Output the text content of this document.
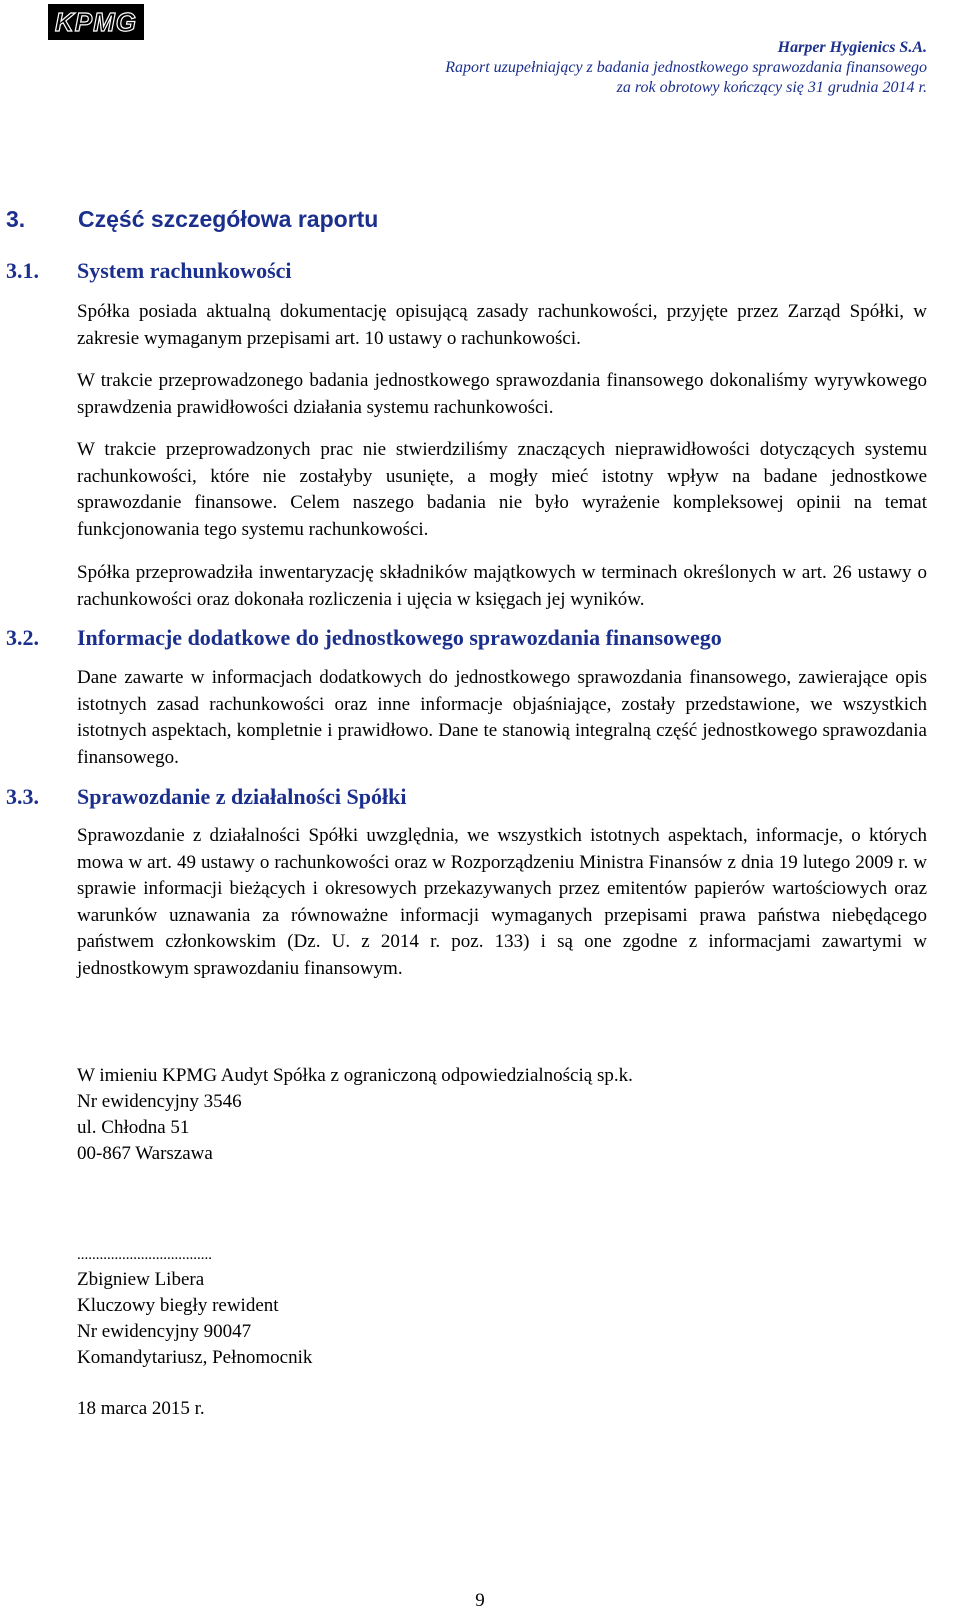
KPMG
Harper Hygienics S.A.
Raport uzupełniający z badania jednostkowego sprawozdania finansowego
za rok obrotowy kończący się 31 grudnia 2014 r.
3. Część szczegółowa raportu
3.1. System rachunkowości

Spółka posiada aktualną dokumentację opisującą zasady rachunkowości, przyjęte przez Zarząd Spółki, w zakresie wymaganym przepisami art. 10 ustawy o rachunkowości.

W trakcie przeprowadzonego badania jednostkowego sprawozdania finansowego dokonaliśmy wyrywkowego sprawdzenia prawidłowości działania systemu rachunkowości.

W trakcie przeprowadzonych prac nie stwierdziliśmy znaczących nieprawidłowości dotyczących systemu rachunkowości, które nie zostałyby usunięte, a mogły mieć istotny wpływ na badane jednostkowe sprawozdanie finansowe. Celem naszego badania nie było wyrażenie kompleksowej opinii na temat funkcjonowania tego systemu rachunkowości.

Spółka przeprowadziła inwentaryzację składników majątkowych w terminach określonych w art. 26 ustawy o rachunkowości oraz dokonała rozliczenia i ujęcia w księgach jej wyników.

3.2. Informacje dodatkowe do jednostkowego sprawozdania finansowego

Dane zawarte w informacjach dodatkowych do jednostkowego sprawozdania finansowego, zawierające opis istotnych zasad rachunkowości oraz inne informacje objaśniające, zostały przedstawione, we wszystkich istotnych aspektach, kompletnie i prawidłowo. Dane te stanowią integralną część jednostkowego sprawozdania finansowego.

3.3. Sprawozdanie z działalności Spółki

Sprawozdanie z działalności Spółki uwzględnia, we wszystkich istotnych aspektach, informacje, o których mowa w art. 49 ustawy o rachunkowości oraz w Rozporządzeniu Ministra Finansów z dnia 19 lutego 2009 r. w sprawie informacji bieżących i okresowych przekazywanych przez emitentów papierów wartościowych oraz warunków uznawania za równoważne informacji wymaganych przepisami prawa państwa niebędącego państwem członkowskim (Dz. U. z 2014 r. poz. 133) i są one zgodne z informacjami zawartymi w jednostkowym sprawozdaniu finansowym.

W imieniu KPMG Audyt Spółka z ograniczoną odpowiedzialnością sp.k.
Nr ewidencyjny 3546
ul. Chłodna 51
00-867 Warszawa
....................................
Zbigniew Libera
Kluczowy biegły rewident
Nr ewidencyjny 90047
Komandytariusz, Pełnomocnik
18 marca 2015 r.
9
